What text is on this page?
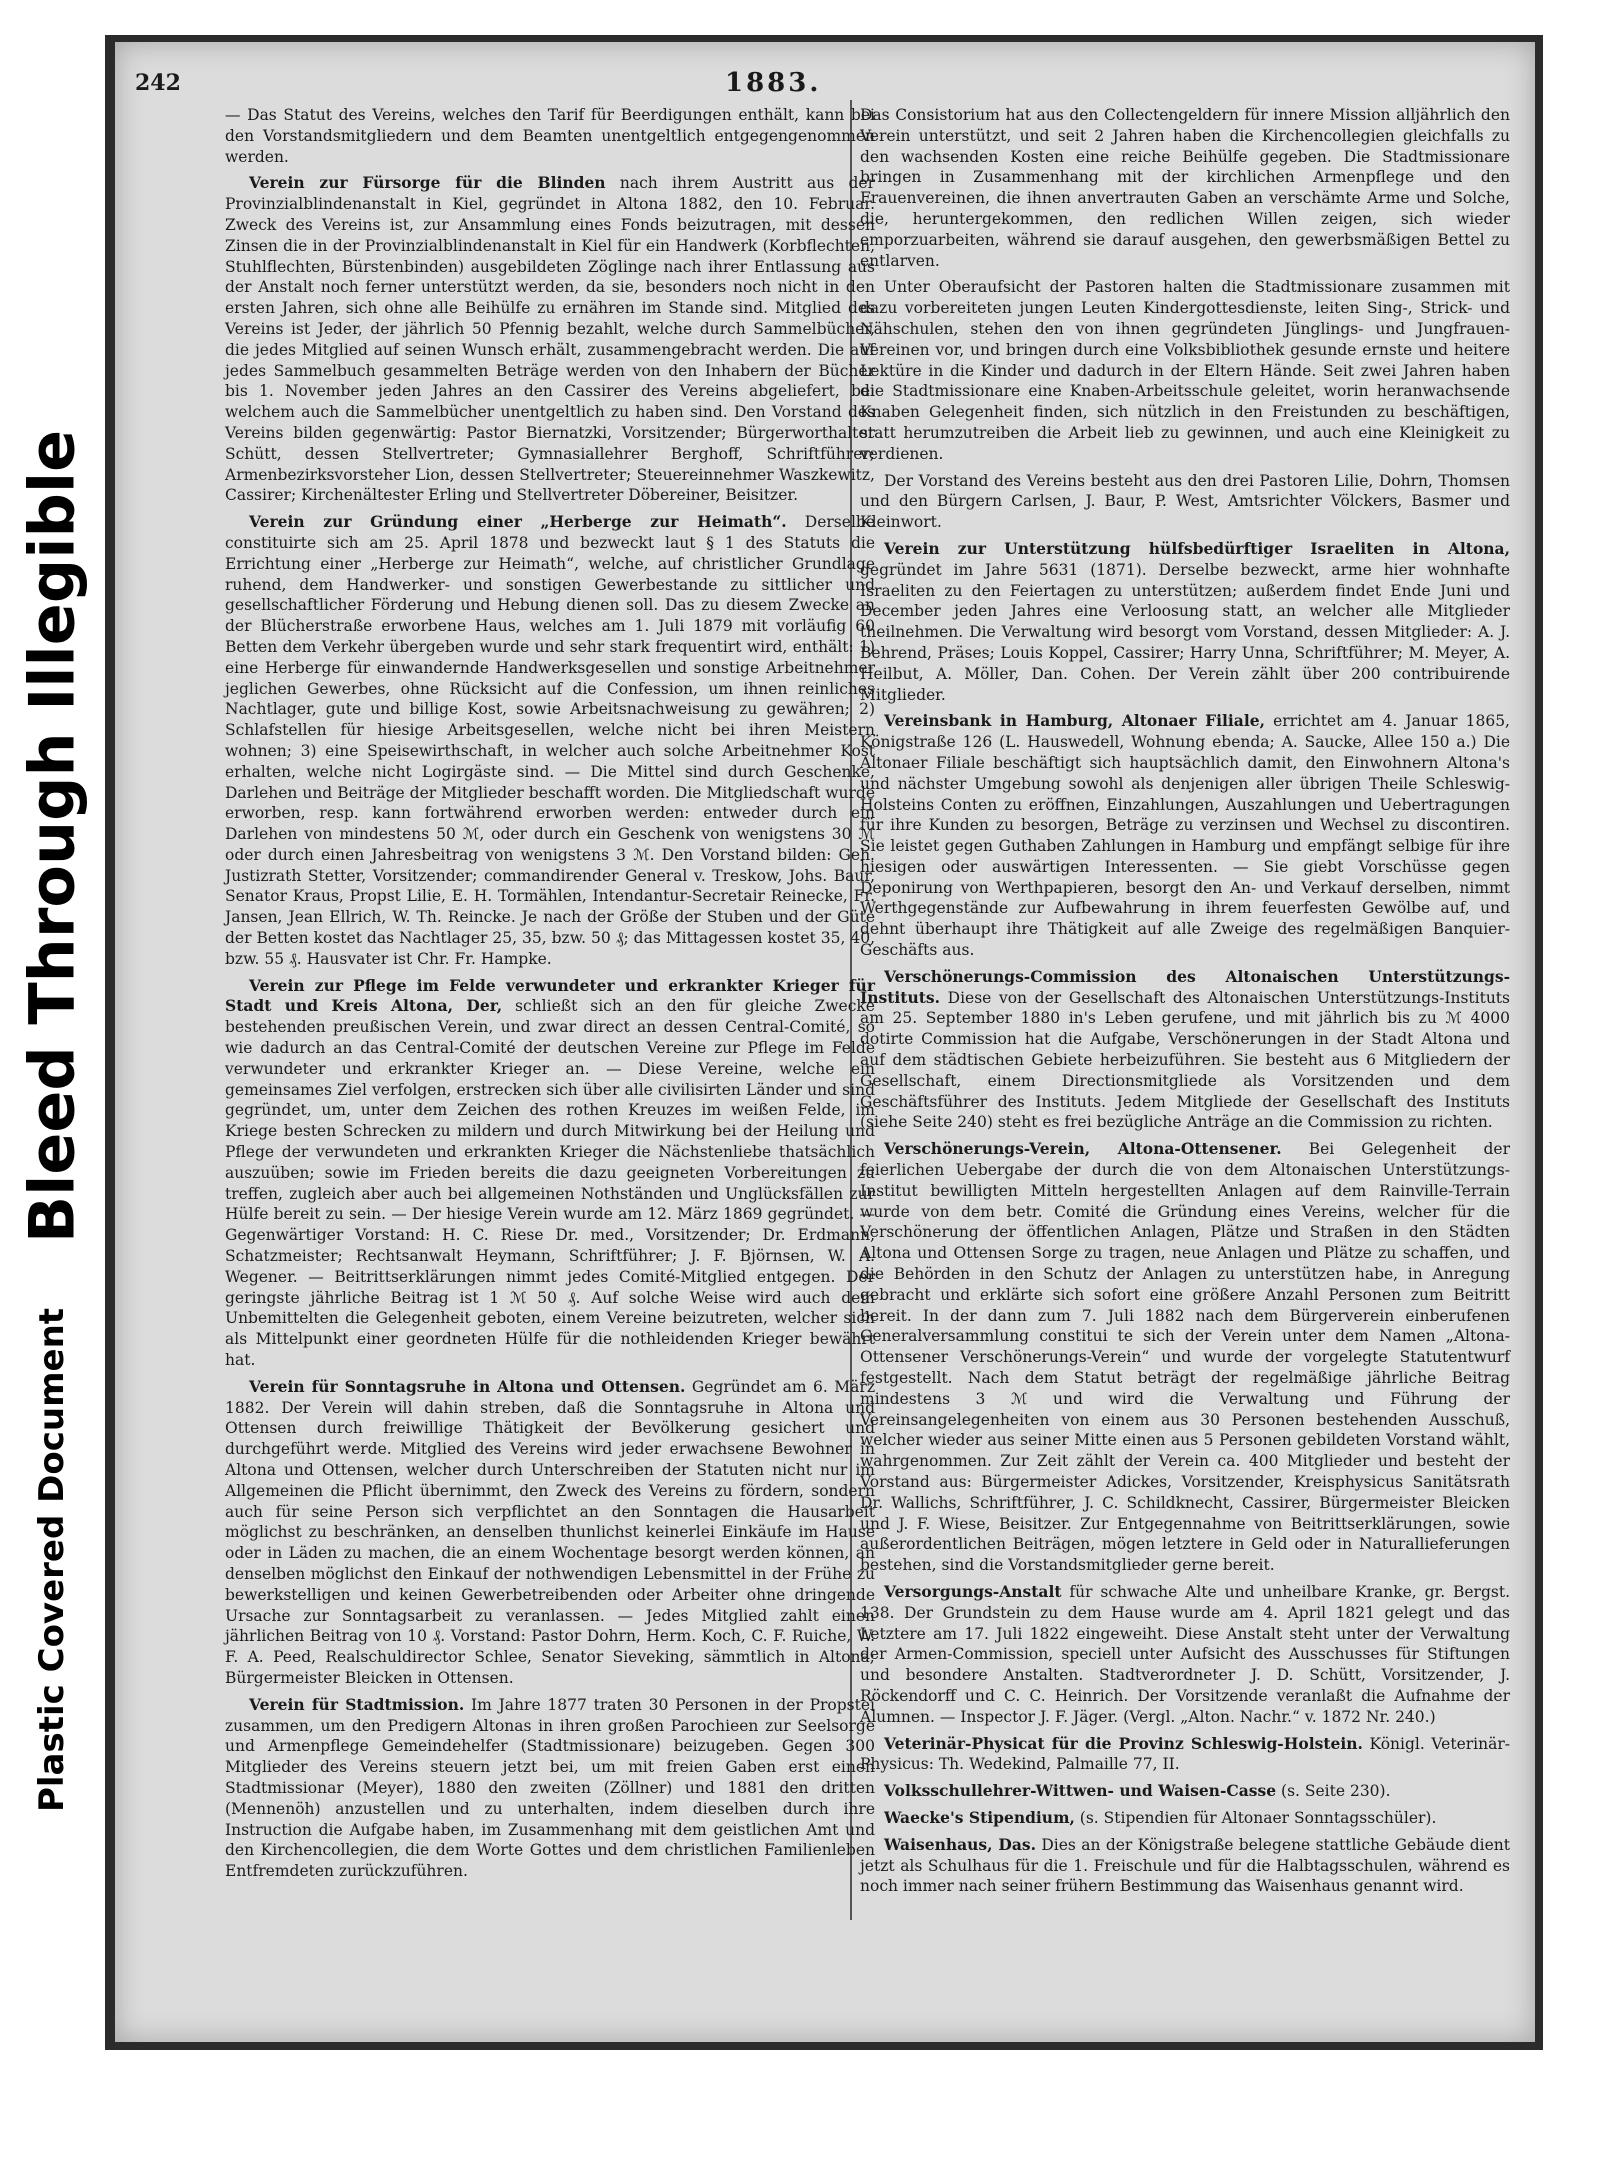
Bleed Through Illegible
Plastic Covered Document
242	1883.

— Das Statut des Vereins, welches den Tarif für Beerdigungen enthält, kann bei den Vorstandsmitgliedern und dem Beamten unentgeltlich entgegengenommen werden.

Verein zur Fürsorge für die Blinden nach ihrem Austritt aus der Provinzialblindenanstalt in Kiel, gegründet in Altona 1882, den 10. Februar. Zweck des Vereins ist, zur Ansammlung eines Fonds beizutragen, mit dessen Zinsen die in der Provinzialblindenanstalt in Kiel für ein Handwerk (Korbflechten, Stuhlflechten, Bürstenbinden) ausgebildeten Zöglinge nach ihrer Entlassung aus der Anstalt noch ferner unterstützt werden, da sie, besonders noch nicht in den ersten Jahren, sich ohne alle Beihülfe zu ernähren im Stande sind. Mitglied des Vereins ist Jeder, der jährlich 50 Pfennig bezahlt, welche durch Sammelbücher, die jedes Mitglied auf seinen Wunsch erhält, zusammengebracht werden. Die auf jedes Sammelbuch gesammelten Beträge werden von den Inhabern der Bücher bis 1. November jeden Jahres an den Cassirer des Vereins abgeliefert, bei welchem auch die Sammelbücher unentgeltlich zu haben sind. Den Vorstand des Vereins bilden gegenwärtig: Pastor Biernatzki, Vorsitzender; Bürgerworthalter Schütt, dessen Stellvertreter; Gymnasiallehrer Berghoff, Schriftführer; Armenbezirksvorsteher Lion, dessen Stellvertreter; Steuereinnehmer Waszkewitz, Cassirer; Kirchenältester Erling und Stellvertreter Döbereiner, Beisitzer.

Verein zur Gründung einer „Herberge zur Heimath“. Derselbe constituirte sich am 25. April 1878 und bezweckt laut § 1 des Statuts die Errichtung einer „Herberge zur Heimath“, welche, auf christlicher Grundlage ruhend, dem Handwerker- und sonstigen Gewerbestande zu sittlicher und gesellschaftlicher Förderung und Hebung dienen soll. Das zu diesem Zwecke an der Blücherstraße erworbene Haus, welches am 1. Juli 1879 mit vorläufig 60 Betten dem Verkehr übergeben wurde und sehr stark frequentirt wird, enthält: 1) eine Herberge für einwandernde Handwerksgesellen und sonstige Arbeitnehmer jeglichen Gewerbes, ohne Rücksicht auf die Confession, um ihnen reinliches Nachtlager, gute und billige Kost, sowie Arbeitsnachweisung zu gewähren; 2) Schlafstellen für hiesige Arbeitsgesellen, welche nicht bei ihren Meistern wohnen; 3) eine Speisewirthschaft, in welcher auch solche Arbeitnehmer Kost erhalten, welche nicht Logirgäste sind. — Die Mittel sind durch Geschenke, Darlehen und Beiträge der Mitglieder beschafft worden. Die Mitgliedschaft wurde erworben, resp. kann fortwährend erworben werden: entweder durch ein Darlehen von mindestens 50 ℳ, oder durch ein Geschenk von wenigstens 30 ℳ oder durch einen Jahresbeitrag von wenigstens 3 ℳ. Den Vorstand bilden: Geh. Justizrath Stetter, Vorsitzender; commandirender General v. Treskow, Johs. Baur, Senator Kraus, Propst Lilie, E. H. Tormählen, Intendantur-Secretair Reinecke, Fr. Jansen, Jean Ellrich, W. Th. Reincke. Je nach der Größe der Stuben und der Güte der Betten kostet das Nachtlager 25, 35, bzw. 50 ₰; das Mittagessen kostet 35, 40, bzw. 55 ₰. Hausvater ist Chr. Fr. Hampke.

Verein zur Pflege im Felde verwundeter und erkrankter Krieger für Stadt und Kreis Altona, Der, schließt sich an den für gleiche Zwecke bestehenden preußischen Verein, und zwar direct an dessen Central-Comité, so wie dadurch an das Central-Comité der deutschen Vereine zur Pflege im Felde verwundeter und erkrankter Krieger an. — Diese Vereine, welche ein gemeinsames Ziel verfolgen, erstrecken sich über alle civilisirten Länder und sind gegründet, um, unter dem Zeichen des rothen Kreuzes im weißen Felde, im Kriege besten Schrecken zu mildern und durch Mitwirkung bei der Heilung und Pflege der verwundeten und erkrankten Krieger die Nächstenliebe thatsächlich auszuüben; sowie im Frieden bereits die dazu geeigneten Vorbereitungen zu treffen, zugleich aber auch bei allgemeinen Nothständen und Unglücksfällen zur Hülfe bereit zu sein. — Der hiesige Verein wurde am 12. März 1869 gegründet. — Gegenwärtiger Vorstand: H. C. Riese Dr. med., Vorsitzender; Dr. Erdmann, Schatzmeister; Rechtsanwalt Heymann, Schriftführer; J. F. Björnsen, W. A. Wegener. — Beitrittserklärungen nimmt jedes Comité-Mitglied entgegen. Der geringste jährliche Beitrag ist 1 ℳ 50 ₰. Auf solche Weise wird auch dem Unbemittelten die Gelegenheit geboten, einem Vereine beizutreten, welcher sich als Mittelpunkt einer geordneten Hülfe für die nothleidenden Krieger bewährt hat.

Verein für Sonntagsruhe in Altona und Ottensen. Gegründet am 6. März 1882. Der Verein will dahin streben, daß die Sonntagsruhe in Altona und Ottensen durch freiwillige Thätigkeit der Bevölkerung gesichert und durchgeführt werde. Mitglied des Vereins wird jeder erwachsene Bewohner in Altona und Ottensen, welcher durch Unterschreiben der Statuten nicht nur im Allgemeinen die Pflicht übernimmt, den Zweck des Vereins zu fördern, sondern auch für seine Person sich verpflichtet an den Sonntagen die Hausarbeit möglichst zu beschränken, an denselben thunlichst keinerlei Einkäufe im Hause oder in Läden zu machen, die an einem Wochentage besorgt werden können, an denselben möglichst den Einkauf der nothwendigen Lebensmittel in der Frühe zu bewerkstelligen und keinen Gewerbetreibenden oder Arbeiter ohne dringende Ursache zur Sonntagsarbeit zu veranlassen. — Jedes Mitglied zahlt einen jährlichen Beitrag von 10 ₰. Vorstand: Pastor Dohrn, Herm. Koch, C. F. Ruiche, W. F. A. Peed, Realschuldirector Schlee, Senator Sieveking, sämmtlich in Altona; Bürgermeister Bleicken in Ottensen.

Verein für Stadtmission. Im Jahre 1877 traten 30 Personen in der Propstei zusammen, um den Predigern Altonas in ihren großen Parochieen zur Seelsorge und Armenpflege Gemeindehelfer (Stadtmissionare) beizugeben. Gegen 300 Mitglieder des Vereins steuern jetzt bei, um mit freien Gaben erst einen Stadtmissionar (Meyer), 1880 den zweiten (Zöllner) und 1881 den dritten (Mennenöh) anzustellen und zu unterhalten, indem dieselben durch ihre Instruction die Aufgabe haben, im Zusammenhang mit dem geistlichen Amt und den Kirchencollegien, die dem Worte Gottes und dem christlichen Familienleben Entfremdeten zurückzuführen.

Das Consistorium hat aus den Collectengeldern für innere Mission alljährlich den Verein unterstützt, und seit 2 Jahren haben die Kirchencollegien gleichfalls zu den wachsenden Kosten eine reiche Beihülfe gegeben. Die Stadtmissionare bringen in Zusammenhang mit der kirchlichen Armenpflege und den Frauenvereinen, die ihnen anvertrauten Gaben an verschämte Arme und Solche, die, heruntergekommen, den redlichen Willen zeigen, sich wieder emporzuarbeiten, während sie darauf ausgehen, den gewerbsmäßigen Bettel zu entlarven.

Unter Oberaufsicht der Pastoren halten die Stadtmissionare zusammen mit dazu vorbereiteten jungen Leuten Kindergottesdienste, leiten Sing-, Strick- und Nähschulen, stehen den von ihnen gegründeten Jünglings- und Jungfrauen-Vereinen vor, und bringen durch eine Volksbibliothek gesunde ernste und heitere Lektüre in die Kinder und dadurch in der Eltern Hände. Seit zwei Jahren haben die Stadtmissionare eine Knaben-Arbeitsschule geleitet, worin heranwachsende Knaben Gelegenheit finden, sich nützlich in den Freistunden zu beschäftigen, statt herumzutreiben die Arbeit lieb zu gewinnen, und auch eine Kleinigkeit zu verdienen.

Der Vorstand des Vereins besteht aus den drei Pastoren Lilie, Dohrn, Thomsen und den Bürgern Carlsen, J. Baur, P. West, Amtsrichter Völckers, Basmer und Kleinwort.

Verein zur Unterstützung hülfsbedürftiger Israeliten in Altona, gegründet im Jahre 5631 (1871). Derselbe bezweckt, arme hier wohnhafte Israeliten zu den Feiertagen zu unterstützen; außerdem findet Ende Juni und December jeden Jahres eine Verloosung statt, an welcher alle Mitglieder theilnehmen. Die Verwaltung wird besorgt vom Vorstand, dessen Mitglieder: A. J. Behrend, Präses; Louis Koppel, Cassirer; Harry Unna, Schriftführer; M. Meyer, A. Heilbut, A. Möller, Dan. Cohen. Der Verein zählt über 200 contribuirende Mitglieder.

Vereinsbank in Hamburg, Altonaer Filiale, errichtet am 4. Januar 1865, Königstraße 126 (L. Hauswedell, Wohnung ebenda; A. Saucke, Allee 150 a.) Die Altonaer Filiale beschäftigt sich hauptsächlich damit, den Einwohnern Altona's und nächster Umgebung sowohl als denjenigen aller übrigen Theile Schleswig-Holsteins Conten zu eröffnen, Einzahlungen, Auszahlungen und Uebertragungen für ihre Kunden zu besorgen, Beträge zu verzinsen und Wechsel zu discontiren. Sie leistet gegen Guthaben Zahlungen in Hamburg und empfängt selbige für ihre hiesigen oder auswärtigen Interessenten. — Sie giebt Vorschüsse gegen Deponirung von Werthpapieren, besorgt den An- und Verkauf derselben, nimmt Werthgegenstände zur Aufbewahrung in ihrem feuerfesten Gewölbe auf, und dehnt überhaupt ihre Thätigkeit auf alle Zweige des regelmäßigen Banquier-Geschäfts aus.

Verschönerungs-Commission des Altonaischen Unterstützungs-Instituts. Diese von der Gesellschaft des Altonaischen Unterstützungs-Instituts am 25. September 1880 in's Leben gerufene, und mit jährlich bis zu ℳ 4000 dotirte Commission hat die Aufgabe, Verschönerungen in der Stadt Altona und auf dem städtischen Gebiete herbeizuführen. Sie besteht aus 6 Mitgliedern der Gesellschaft, einem Directionsmitgliede als Vorsitzenden und dem Geschäftsführer des Instituts. Jedem Mitgliede der Gesellschaft des Instituts (siehe Seite 240) steht es frei bezügliche Anträge an die Commission zu richten.

Verschönerungs-Verein, Altona-Ottensener. Bei Gelegenheit der feierlichen Uebergabe der durch die von dem Altonaischen Unterstützungs-Institut bewilligten Mitteln hergestellten Anlagen auf dem Rainville-Terrain wurde von dem betr. Comité die Gründung eines Vereins, welcher für die Verschönerung der öffentlichen Anlagen, Plätze und Straßen in den Städten Altona und Ottensen Sorge zu tragen, neue Anlagen und Plätze zu schaffen, und die Behörden in den Schutz der Anlagen zu unterstützen habe, in Anregung gebracht und erklärte sich sofort eine größere Anzahl Personen zum Beitritt bereit. In der dann zum 7. Juli 1882 nach dem Bürgerverein einberufenen Generalversammlung constitui te sich der Verein unter dem Namen „Altona-Ottensener Verschönerungs-Verein“ und wurde der vorgelegte Statutentwurf festgestellt. Nach dem Statut beträgt der regelmäßige jährliche Beitrag mindestens 3 ℳ und wird die Verwaltung und Führung der Vereinsangelegenheiten von einem aus 30 Personen bestehenden Ausschuß, welcher wieder aus seiner Mitte einen aus 5 Personen gebildeten Vorstand wählt, wahrgenommen. Zur Zeit zählt der Verein ca. 400 Mitglieder und besteht der Vorstand aus: Bürgermeister Adickes, Vorsitzender, Kreisphysicus Sanitätsrath Dr. Wallichs, Schriftführer, J. C. Schildknecht, Cassirer, Bürgermeister Bleicken und J. F. Wiese, Beisitzer. Zur Entgegennahme von Beitrittserklärungen, sowie außerordentlichen Beiträgen, mögen letztere in Geld oder in Naturallieferungen bestehen, sind die Vorstandsmitglieder gerne bereit.

Versorgungs-Anstalt für schwache Alte und unheilbare Kranke, gr. Bergst. 138. Der Grundstein zu dem Hause wurde am 4. April 1821 gelegt und das Letztere am 17. Juli 1822 eingeweiht. Diese Anstalt steht unter der Verwaltung der Armen-Commission, speciell unter Aufsicht des Ausschusses für Stiftungen und besondere Anstalten. Stadtverordneter J. D. Schütt, Vorsitzender, J. Röckendorff und C. C. Heinrich. Der Vorsitzende veranlaßt die Aufnahme der Alumnen. — Inspector J. F. Jäger. (Vergl. „Alton. Nachr.“ v. 1872 Nr. 240.)

Veterinär-Physicat für die Provinz Schleswig-Holstein. Königl. Veterinär-Physicus: Th. Wedekind, Palmaille 77, II.

Volksschullehrer-Wittwen- und Waisen-Casse (s. Seite 230).

Waecke's Stipendium, (s. Stipendien für Altonaer Sonntagsschüler).

Waisenhaus, Das. Dies an der Königstraße belegene stattliche Gebäude dient jetzt als Schulhaus für die 1. Freischule und für die Halbtagsschulen, während es noch immer nach seiner frühern Bestimmung das Waisenhaus genannt wird.
